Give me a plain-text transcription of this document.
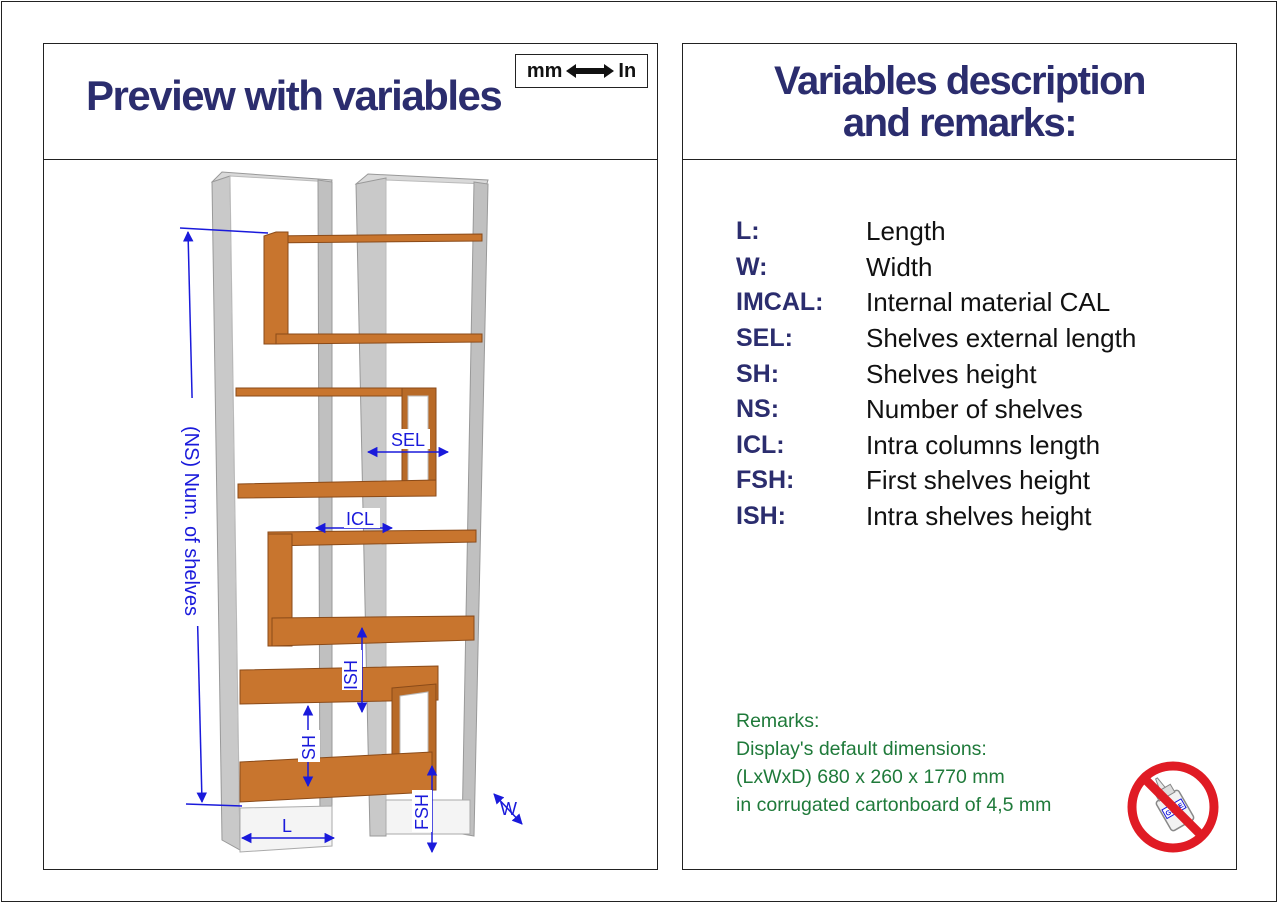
Preview with variables
mm	In
(NS) Num. of shelves	SEL
ICL
ISH
SH
FSH
L
W
Variables description
and remarks:
L:	Length
W:	Width
IMCAL:	Internal material CAL
SEL:	Shelves external length
SH:	Shelves height
NS:	Number of shelves
ICL:	Intra columns length
FSH:	First shelves height
ISH:	Intra shelves height
Remarks:
Display's default dimensions:
(LxWxD) 680 x 260 x 1770 mm
in corrugated cartonboard of 4,5 mm
